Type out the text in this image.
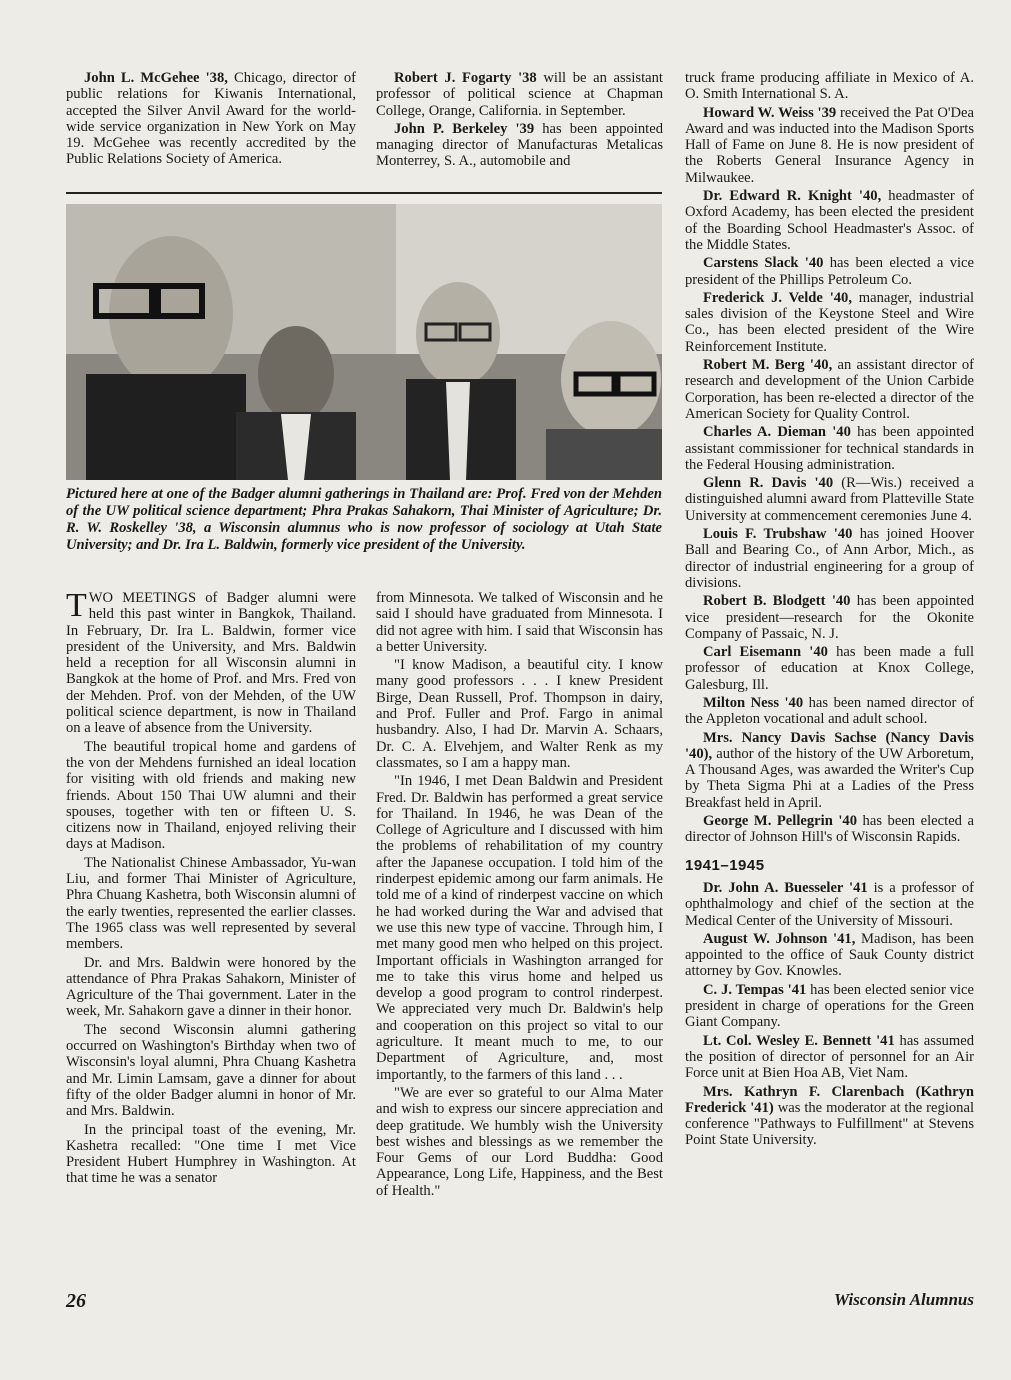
John L. McGehee '38, Chicago, director of public relations for Kiwanis International, accepted the Silver Anvil Award for the world-wide service organization in New York on May 19. McGehee was recently accredited by the Public Relations Society of America.

Robert J. Fogarty '38 will be an assistant professor of political science at Chapman College, Orange, California. in September.

John P. Berkeley '39 has been appointed managing director of Manufacturas Metalicas Monterrey, S. A., automobile and

Pictured here at one of the Badger alumni gatherings in Thailand are: Prof. Fred von der Mehden of the UW political science department; Phra Prakas Sahakorn, Thai Minister of Agriculture; Dr. R. W. Roskelley '38, a Wisconsin alumnus who is now professor of sociology at Utah State University; and Dr. Ira L. Baldwin, formerly vice president of the University.

TWO MEETINGS of Badger alumni were held this past winter in Bangkok, Thailand. In February, Dr. Ira L. Baldwin, former vice president of the University, and Mrs. Baldwin held a reception for all Wisconsin alumni in Bangkok at the home of Prof. and Mrs. Fred von der Mehden. Prof. von der Mehden, of the UW political science department, is now in Thailand on a leave of absence from the University.

The beautiful tropical home and gardens of the von der Mehdens furnished an ideal location for visiting with old friends and making new friends. About 150 Thai UW alumni and their spouses, together with ten or fifteen U. S. citizens now in Thailand, enjoyed reliving their days at Madison.

The Nationalist Chinese Ambassador, Yu-wan Liu, and former Thai Minister of Agriculture, Phra Chuang Kashetra, both Wisconsin alumni of the early twenties, represented the earlier classes. The 1965 class was well represented by several members.

Dr. and Mrs. Baldwin were honored by the attendance of Phra Prakas Sahakorn, Minister of Agriculture of the Thai government. Later in the week, Mr. Sahakorn gave a dinner in their honor.

The second Wisconsin alumni gathering occurred on Washington's Birthday when two of Wisconsin's loyal alumni, Phra Chuang Kashetra and Mr. Limin Lamsam, gave a dinner for about fifty of the older Badger alumni in honor of Mr. and Mrs. Baldwin.

In the principal toast of the evening, Mr. Kashetra recalled: "One time I met Vice President Hubert Humphrey in Washington. At that time he was a senator

from Minnesota. We talked of Wisconsin and he said I should have graduated from Minnesota. I did not agree with him. I said that Wisconsin has a better University.

"I know Madison, a beautiful city. I know many good professors . . . I knew President Birge, Dean Russell, Prof. Thompson in dairy, and Prof. Fuller and Prof. Fargo in animal husbandry. Also, I had Dr. Marvin A. Schaars, Dr. C. A. Elvehjem, and Walter Renk as my classmates, so I am a happy man.

"In 1946, I met Dean Baldwin and President Fred. Dr. Baldwin has performed a great service for Thailand. In 1946, he was Dean of the College of Agriculture and I discussed with him the problems of rehabilitation of my country after the Japanese occupation. I told him of the rinderpest epidemic among our farm animals. He told me of a kind of rinderpest vaccine on which he had worked during the War and advised that we use this new type of vaccine. Through him, I met many good men who helped on this project. Important officials in Washington arranged for me to take this virus home and helped us develop a good program to control rinderpest. We appreciated very much Dr. Baldwin's help and cooperation on this project so vital to our agriculture. It meant much to me, to our Department of Agriculture, and, most importantly, to the farmers of this land . . .

"We are ever so grateful to our Alma Mater and wish to express our sincere appreciation and deep gratitude. We humbly wish the University best wishes and blessings as we remember the Four Gems of our Lord Buddha: Good Appearance, Long Life, Happiness, and the Best of Health."

truck frame producing affiliate in Mexico of A. O. Smith International S. A.

Howard W. Weiss '39 received the Pat O'Dea Award and was inducted into the Madison Sports Hall of Fame on June 8. He is now president of the Roberts General Insurance Agency in Milwaukee.

Dr. Edward R. Knight '40, headmaster of Oxford Academy, has been elected the president of the Boarding School Headmaster's Assoc. of the Middle States.

Carstens Slack '40 has been elected a vice president of the Phillips Petroleum Co.

Frederick J. Velde '40, manager, industrial sales division of the Keystone Steel and Wire Co., has been elected president of the Wire Reinforcement Institute.

Robert M. Berg '40, an assistant director of research and development of the Union Carbide Corporation, has been re-elected a director of the American Society for Quality Control.

Charles A. Dieman '40 has been appointed assistant commissioner for technical standards in the Federal Housing administration.

Glenn R. Davis '40 (R—Wis.) received a distinguished alumni award from Platteville State University at commencement ceremonies June 4.

Louis F. Trubshaw '40 has joined Hoover Ball and Bearing Co., of Ann Arbor, Mich., as director of industrial engineering for a group of divisions.

Robert B. Blodgett '40 has been appointed vice president—research for the Okonite Company of Passaic, N. J.

Carl Eisemann '40 has been made a full professor of education at Knox College, Galesburg, Ill.

Milton Ness '40 has been named director of the Appleton vocational and adult school.

Mrs. Nancy Davis Sachse (Nancy Davis '40), author of the history of the UW Arboretum, A Thousand Ages, was awarded the Writer's Cup by Theta Sigma Phi at a Ladies of the Press Breakfast held in April.

George M. Pellegrin '40 has been elected a director of Johnson Hill's of Wisconsin Rapids.

1941–1945

Dr. John A. Buesseler '41 is a professor of ophthalmology and chief of the section at the Medical Center of the University of Missouri.

August W. Johnson '41, Madison, has been appointed to the office of Sauk County district attorney by Gov. Knowles.

C. J. Tempas '41 has been elected senior vice president in charge of operations for the Green Giant Company.

Lt. Col. Wesley E. Bennett '41 has assumed the position of director of personnel for an Air Force unit at Bien Hoa AB, Viet Nam.

Mrs. Kathryn F. Clarenbach (Kathryn Frederick '41) was the moderator at the regional conference "Pathways to Fulfillment" at Stevens Point State University.

26	Wisconsin Alumnus
